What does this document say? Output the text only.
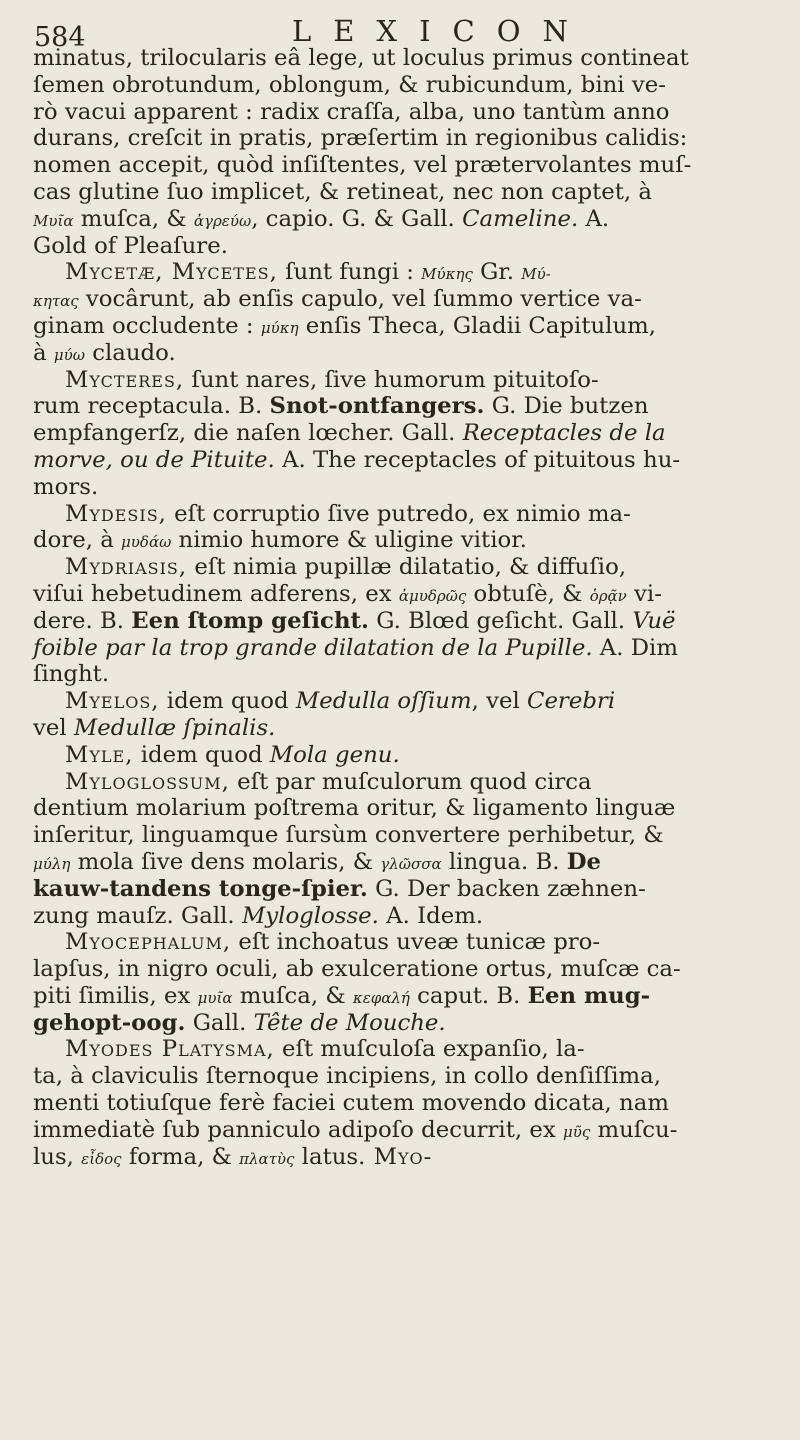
584	LEXICON
minatus, trilocularis eâ lege, ut loculus primus contineat
ſemen obrotundum, oblongum, & rubicundum, bini ve-
rò vacui apparent : radix craſſa, alba, uno tantùm anno
durans, creſcit in pratis, præſertim in regionibus calidis:
nomen accepit, quòd inſiſtentes, vel prætervolantes muſ-
cas glutine ſuo implicet, & retineat, nec non captet, à
Μυῖα muſca, & ἀγρεύω, capio. G. & Gall. Cameline. A.
Gold of Pleaſure.
Mycetæ, Mycetes, ſunt fungi : Μύκης Gr. Μύ-
κητας vocârunt, ab enſis capulo, vel ſummo vertice va-
ginam occludente : μύκη enſis Theca, Gladii Capitulum,
à μύω claudo.
Mycteres, ſunt nares, ſive humorum pituitoſo-
rum receptacula. B. Snot-ontfangers. G. Die butzen
empfangerſz, die naſen lœcher. Gall. Receptacles de la
morve, ou de Pituite. A. The receptacles of pituitous hu-
mors.
Mydesis, eſt corruptio ſive putredo, ex nimio ma-
dore, à μυδάω nimio humore & uligine vitior.
Mydriasis, eſt nimia pupillæ dilatatio, & diffuſio,
viſui hebetudinem adferens, ex ἀμυδρῶς obtuſè, & ὁρᾷν vi-
dere. B. Een ſtomp geſicht. G. Blœd geſicht. Gall. Vuë
foible par la trop grande dilatation de la Pupille. A. Dim
ſinght.
Myelos, idem quod Medulla oſſium, vel Cerebri
vel Medullæ ſpinalis.
Myle, idem quod Mola genu.
Myloglossum, eſt par muſculorum quod circa
dentium molarium poſtrema oritur, & ligamento linguæ
inſeritur, linguamque ſursùm convertere perhibetur, &
μύλη mola ſive dens molaris, & γλῶσσα lingua. B. De
kauw-tandens tonge-ſpier. G. Der backen zæhnen-
zung mauſz. Gall. Myloglosse. A. Idem.
Myocephalum, eſt inchoatus uveæ tunicæ pro-
lapſus, in nigro oculi, ab exulceratione ortus, muſcæ ca-
piti ſimilis, ex μυῖα muſca, & κεφαλή caput. B. Een mug-
gehopt-oog. Gall. Tête de Mouche.
Myodes Platysma, eſt muſculoſa expanſio, la-
ta, à claviculis ſternoque incipiens, in collo denſiſſima,
menti totiuſque ferè faciei cutem movendo dicata, nam
immediatè ſub panniculo adipoſo decurrit, ex μῦς muſcu-
lus, εἶδος forma, & πλατὺς latus. Myo-
